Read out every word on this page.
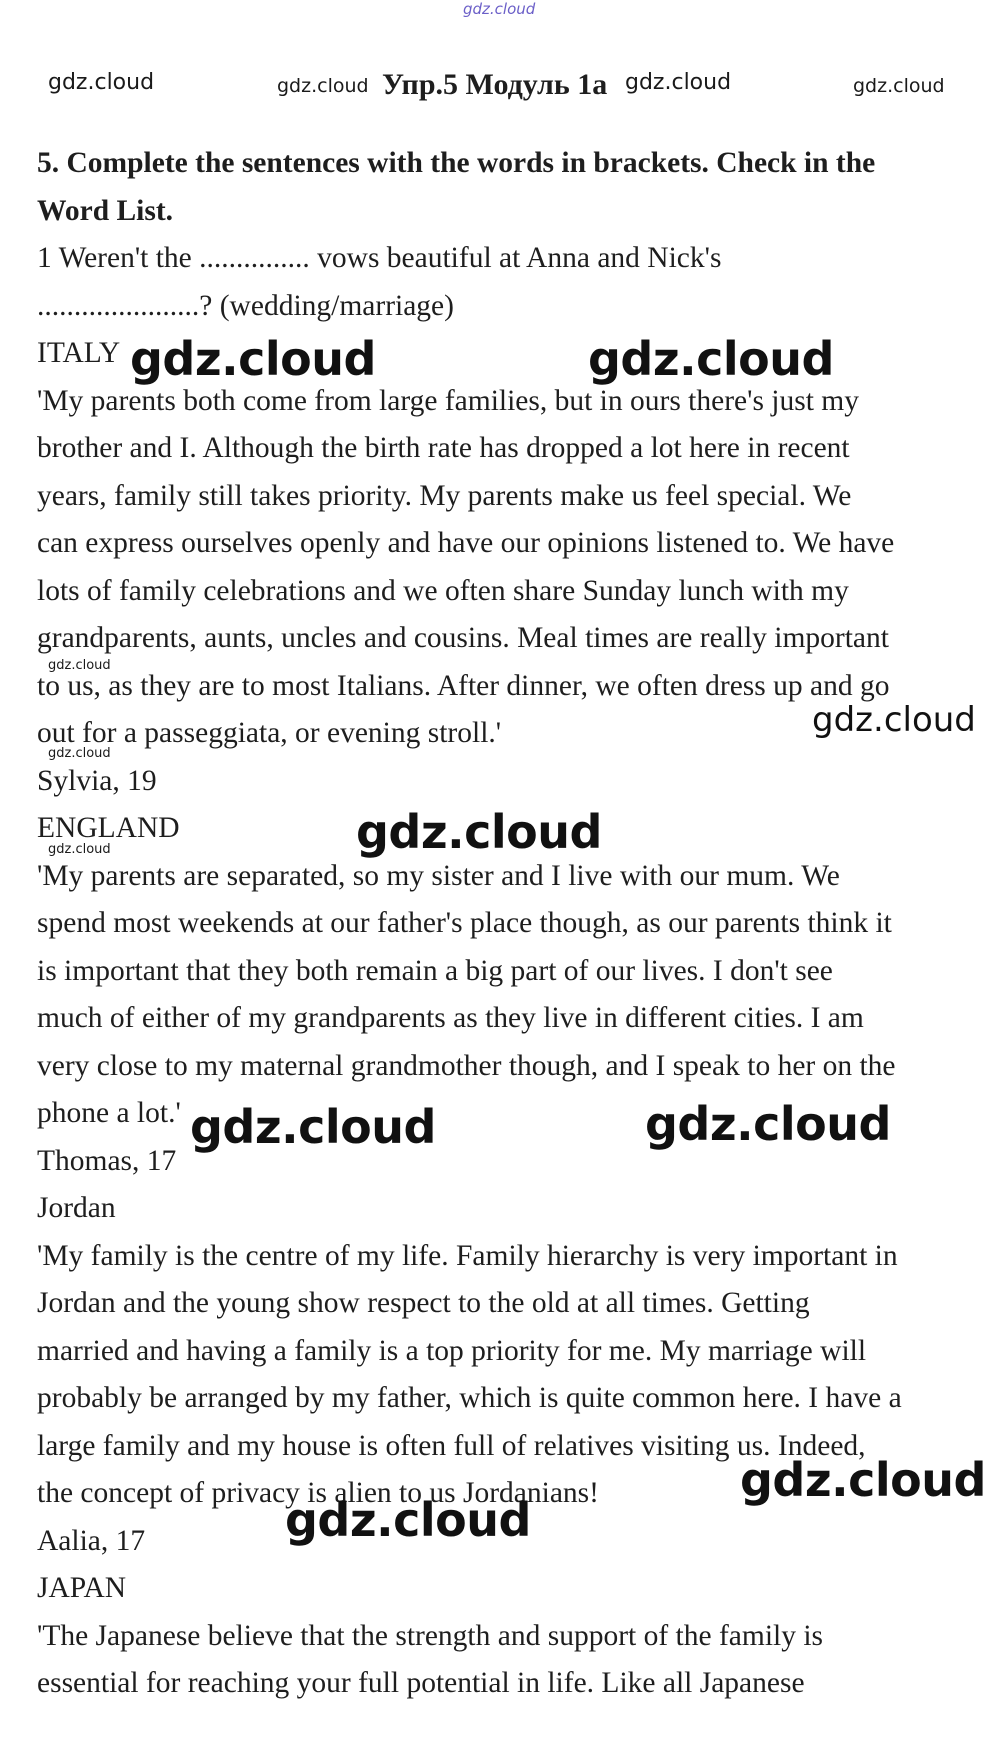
gdz.cloud
gdz.cloud	gdz.cloud Упр.5 Модуль 1a gdz.cloud	gdz.cloud
5. Complete the sentences with the words in brackets. Check in the
Word List.
1 Weren't the ............... vows beautiful at Anna and Nick's
......................? (wedding/marriage)
ITALY
'My parents both come from large families, but in ours there's just my
brother and I. Although the birth rate has dropped a lot here in recent
years, family still takes priority. My parents make us feel special. We
can express ourselves openly and have our opinions listened to. We have
lots of family celebrations and we often share Sunday lunch with my
grandparents, aunts, uncles and cousins. Meal times are really important
to us, as they are to most Italians. After dinner, we often dress up and go
out for a passeggiata, or evening stroll.'
Sylvia, 19
ENGLAND
'My parents are separated, so my sister and I live with our mum. We
spend most weekends at our father's place though, as our parents think it
is important that they both remain a big part of our lives. I don't see
much of either of my grandparents as they live in different cities. I am
very close to my maternal grandmother though, and I speak to her on the
phone a lot.'
Thomas, 17
Jordan
'My family is the centre of my life. Family hierarchy is very important in
Jordan and the young show respect to the old at all times. Getting
married and having a family is a top priority for me. My marriage will
probably be arranged by my father, which is quite common here. I have a
large family and my house is often full of relatives visiting us. Indeed,
the concept of privacy is alien to us Jordanians!
Aalia, 17
JAPAN
'The Japanese believe that the strength and support of the family is
essential for reaching your full potential in life. Like all Japanese
gdz.cloud	gdz.cloud
gdz.cloud
gdz.cloud
gdz.cloud
gdz.cloud
gdz.cloud
gdz.cloud	gdz.cloud
gdz.cloud
gdz.cloud
